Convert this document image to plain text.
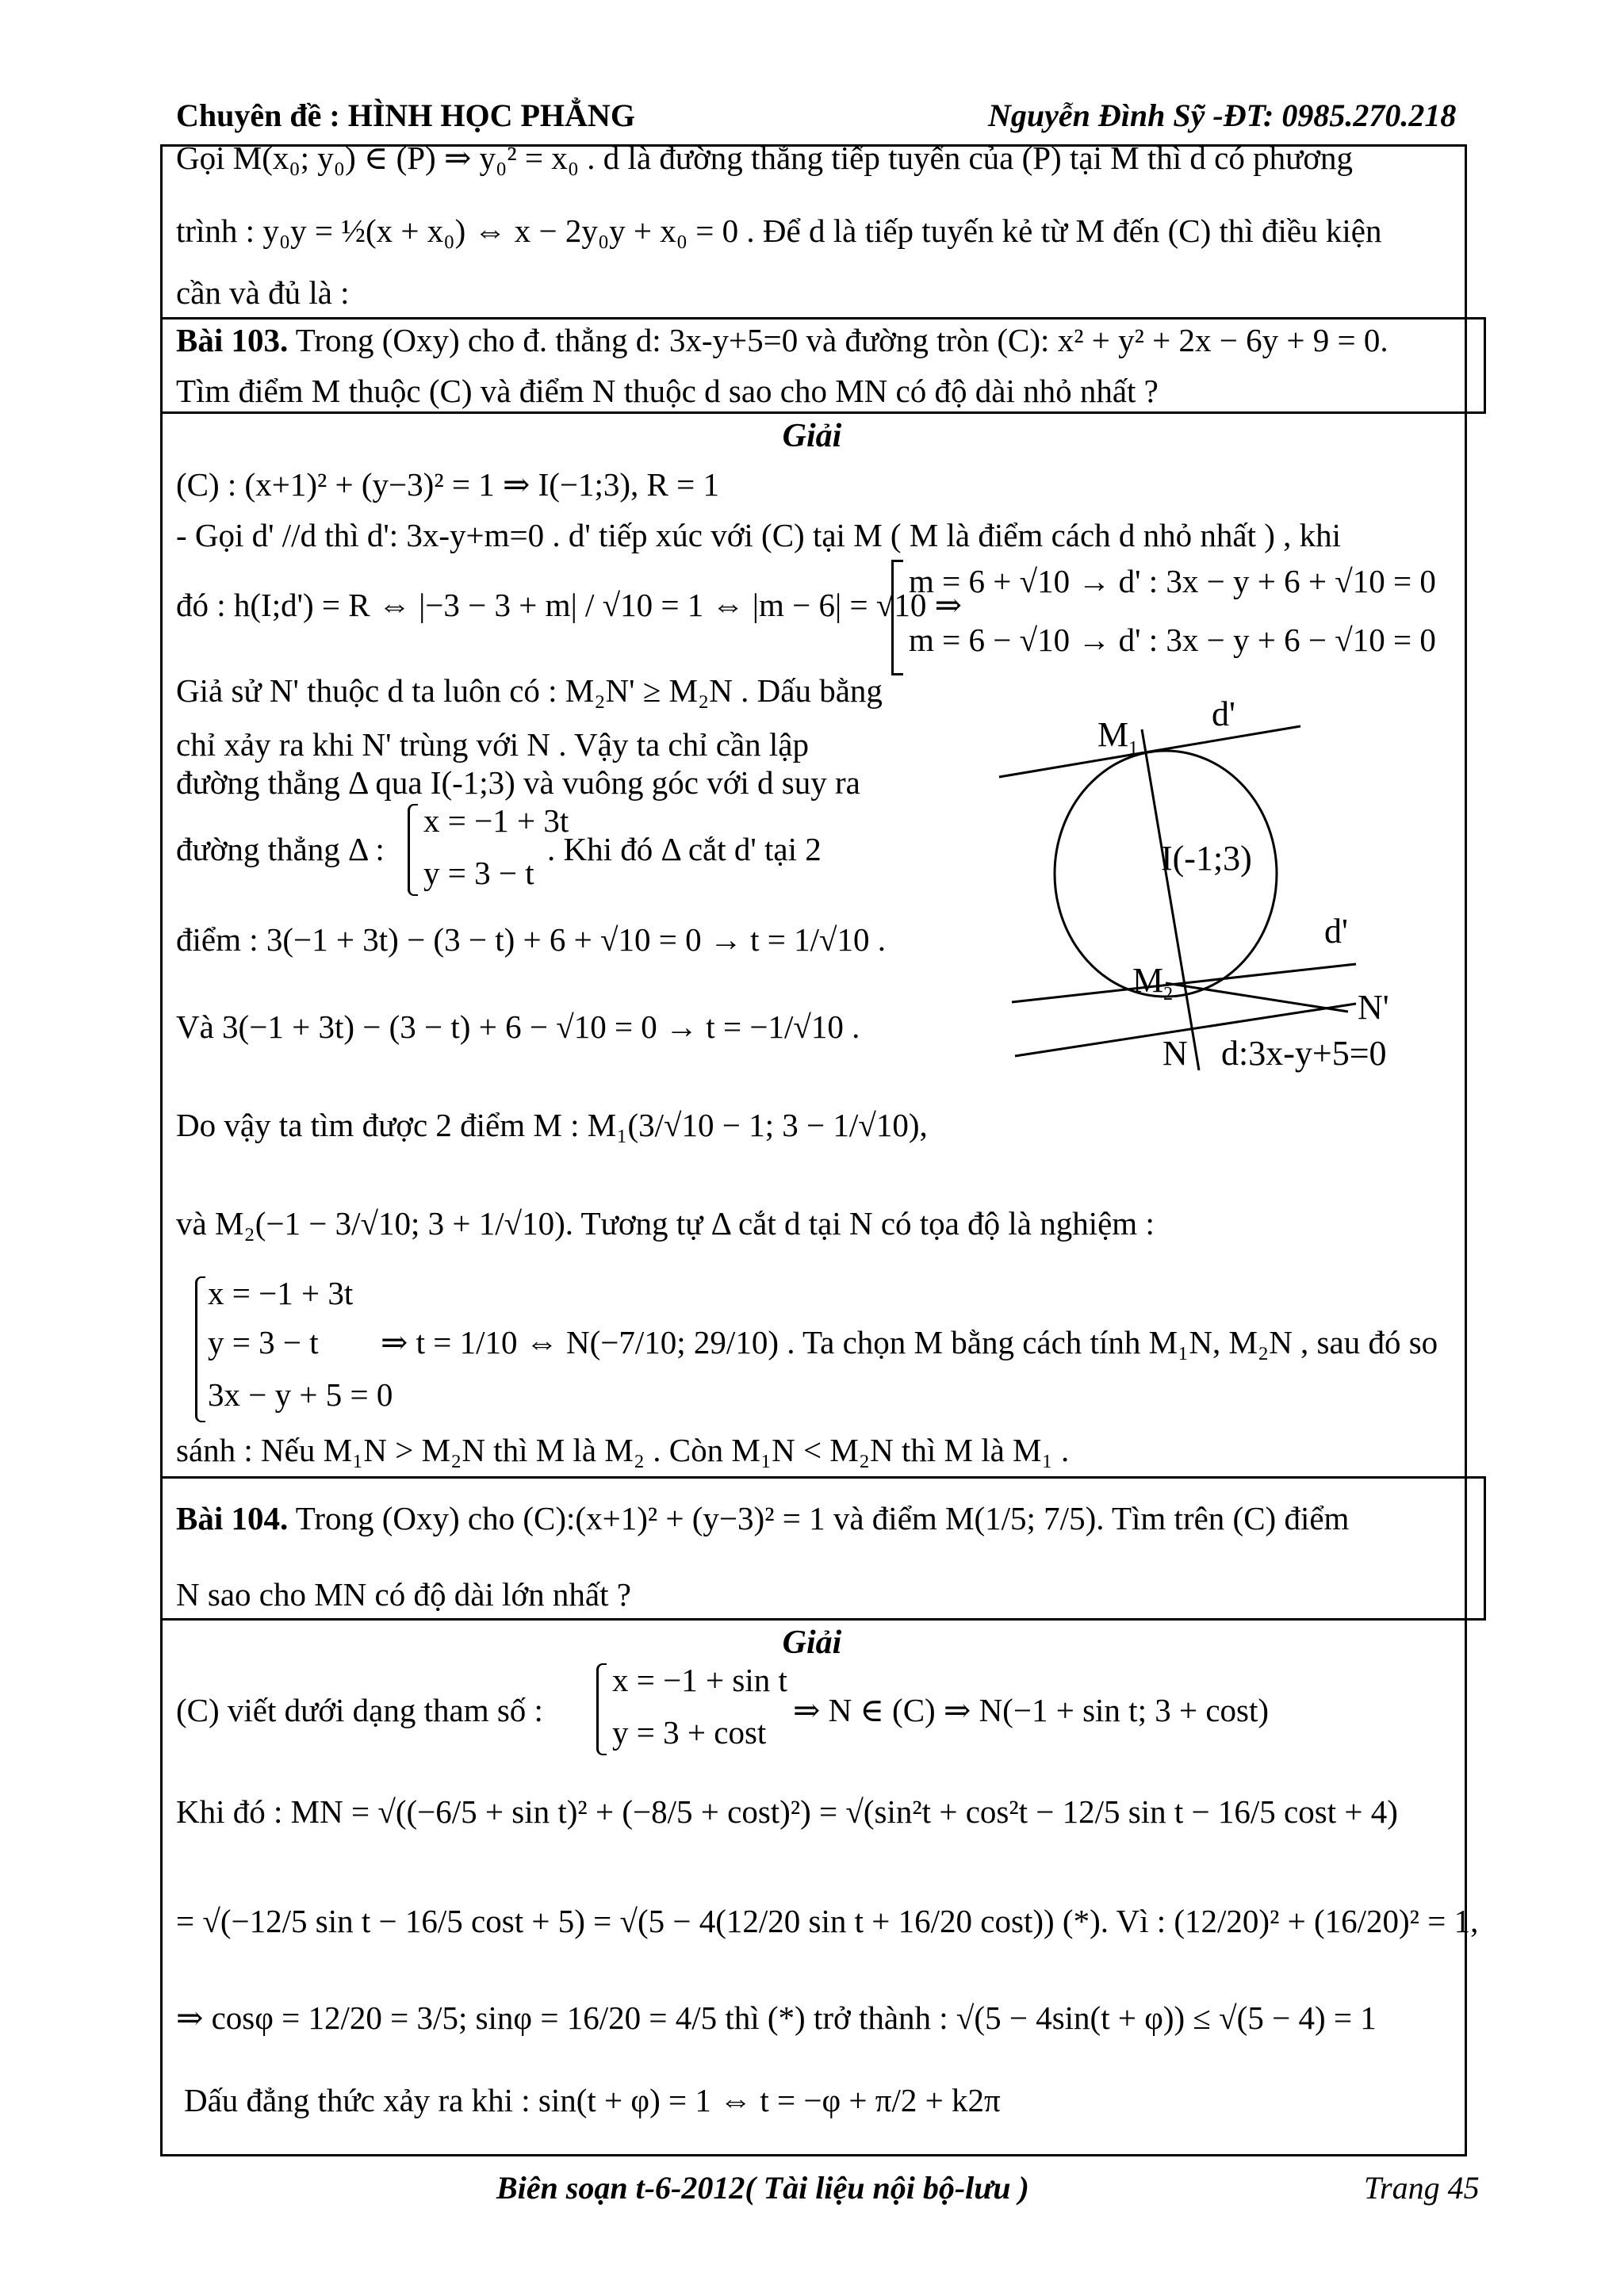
Chuyên đề : HÌNH HỌC PHẲNG	Nguyễn Đình Sỹ -ĐT: 0985.270.218
Gọi M(x₀; y₀) ∈ (P) ⇒ y₀² = x₀ . d là đường thẳng tiếp tuyến của (P) tại M thì d có phương
trình : y₀y = ½(x + x₀) ⇔ x − 2y₀y + x₀ = 0 . Để d là tiếp tuyến kẻ từ M đến (C) thì điều kiện
cần và đủ là :
Bài 103. Trong (Oxy) cho đ. thẳng d: 3x-y+5=0 và đường tròn (C): x² + y² + 2x − 6y + 9 = 0.
Tìm điểm M thuộc (C) và điểm N thuộc d sao cho MN có độ dài nhỏ nhất ?
Giải
(C) : (x+1)² + (y−3)² = 1 ⇒ I(−1;3), R = 1
- Gọi d' //d thì d': 3x-y+m=0 . d' tiếp xúc với (C) tại M ( M là điểm cách d nhỏ nhất ) , khi
đó : h(I;d') = R ⇔ |−3 − 3 + m| / √10 = 1 ⇔ |m − 6| = √10 ⇒
m = 6 + √10 → d' : 3x − y + 6 + √10 = 0
m = 6 − √10 → d' : 3x − y + 6 − √10 = 0
Giả sử N' thuộc d ta luôn có : M₂N' ≥ M₂N . Dấu bằng
chỉ xảy ra khi N' trùng với N . Vậy ta chỉ cần lập
đường thẳng Δ qua I(-1;3) và vuông góc với d suy ra
đường thẳng Δ :
x = −1 + 3t
y = 3 − t
. Khi đó Δ cắt d' tại 2
điểm : 3(−1 + 3t) − (3 − t) + 6 + √10 = 0 → t = 1/√10 .
Và 3(−1 + 3t) − (3 − t) + 6 − √10 = 0 → t = −1/√10 .
Do vậy ta tìm được 2 điểm M : M₁(3/√10 − 1; 3 − 1/√10),
và M₂(−1 − 3/√10; 3 + 1/√10). Tương tự Δ cắt d tại N có tọa độ là nghiệm :
x = −1 + 3t
y = 3 − t
3x − y + 5 = 0
⇒ t = 1/10 ⇔ N(−7/10; 29/10) . Ta chọn M bằng cách tính M₁N, M₂N , sau đó so
sánh : Nếu M₁N > M₂N thì M là M₂ . Còn M₁N < M₂N thì M là M₁ .
$M_1$
d'
I(-1;3)
d'
$M_2$	N'
N d:3x-y+5=0
Bài 104. Trong (Oxy) cho (C):(x+1)² + (y−3)² = 1 và điểm M(1/5; 7/5). Tìm trên (C) điểm
N sao cho MN có độ dài lớn nhất ?
Giải
(C) viết dưới dạng tham số :
x = −1 + sin t
y = 3 + cost
⇒ N ∈ (C) ⇒ N(−1 + sin t; 3 + cost)
Khi đó : MN = √((−6/5 + sin t)² + (−8/5 + cost)²) = √(sin²t + cos²t − 12/5 sin t − 16/5 cost + 4)
= √(−12/5 sin t − 16/5 cost + 5) = √(5 − 4(12/20 sin t + 16/20 cost)) (*). Vì : (12/20)² + (16/20)² = 1,
⇒ cosφ = 12/20 = 3/5; sinφ = 16/20 = 4/5 thì (*) trở thành : √(5 − 4sin(t + φ)) ≤ √(5 − 4) = 1
Dấu đẳng thức xảy ra khi : sin(t + φ) = 1 ⇔ t = −φ + π/2 + k2π
Biên soạn t-6-2012( Tài liệu nội bộ-lưu )	Trang 45
